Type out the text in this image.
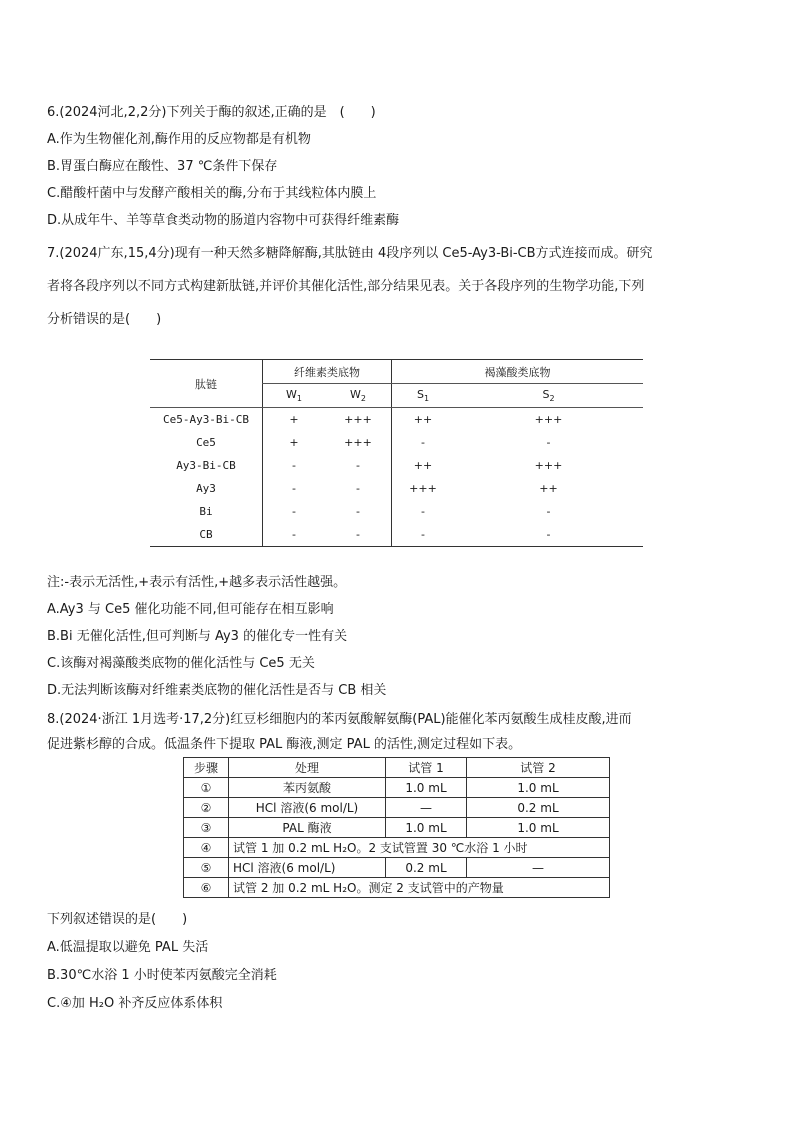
6.(2024河北,2,2分)下列关于酶的叙述,正确的是　(　　)
A.作为生物催化剂,酶作用的反应物都是有机物
B.胃蛋白酶应在酸性、37 ℃条件下保存
C.醋酸杆菌中与发酵产酸相关的酶,分布于其线粒体内膜上
D.从成年牛、羊等草食类动物的肠道内容物中可获得纤维素酶
7.(2024广东,15,4分)现有一种天然多糖降解酶,其肽链由 4段序列以 Ce5-Ay3-Bi-CB方式连接而成。研究
者将各段序列以不同方式构建新肽链,并评价其催化活性,部分结果见表。关于各段序列的生物学功能,下列
分析错误的是(　　)
肽链	纤维素类底物		褐藻酸类底物	
	$W_1$	$W_2$	$S_1$	$S_2$
Ce5-Ay3-Bi-CB	+	+++	++	+++
Ce5	+	+++	-	-
Ay3-Bi-CB	-	-	++	+++
Ay3	-	-	+++	++
Bi	-	-	-	-
CB	-	-	-	-
注:-表示无活性,+表示有活性,+越多表示活性越强。
A.Ay3 与 Ce5 催化功能不同,但可能存在相互影响
B.Bi 无催化活性,但可判断与 Ay3 的催化专一性有关
C.该酶对褐藻酸类底物的催化活性与 Ce5 无关
D.无法判断该酶对纤维素类底物的催化活性是否与 CB 相关
8.(2024·浙江 1月选考·17,2分)红豆杉细胞内的苯丙氨酸解氨酶(PAL)能催化苯丙氨酸生成桂皮酸,进而
促进紫杉醇的合成。低温条件下提取 PAL 酶液,测定 PAL 的活性,测定过程如下表。
步骤	处理	试管 1	试管 2
①	苯丙氨酸	1.0 mL	1.0 mL
②	HCl 溶液(6 mol/L)	—	0.2 mL
③	PAL 酶液	1.0 mL	1.0 mL
④	试管 1 加 0.2 mL H₂O。2 支试管置 30 ℃水浴 1 小时		
⑤	HCl 溶液(6 mol/L)	0.2 mL	—
⑥	试管 2 加 0.2 mL H₂O。测定 2 支试管中的产物量		
下列叙述错误的是(　　)
A.低温提取以避免 PAL 失活
B.30℃水浴 1 小时使苯丙氨酸完全消耗
C.④加 H₂O 补齐反应体系体积
